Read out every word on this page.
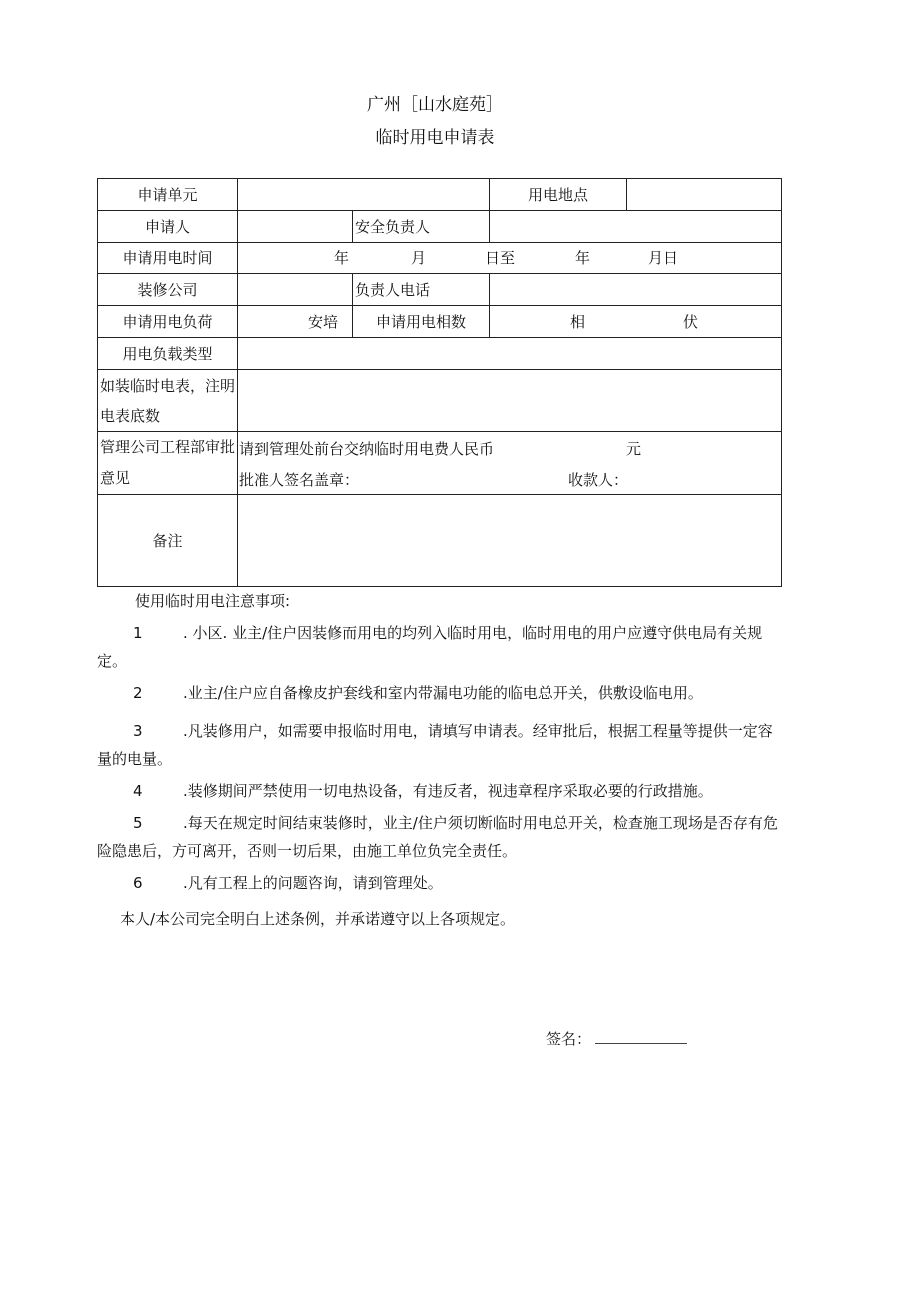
广州［山水庭苑］
临时用电申请表
申请单元			用电地点	
申请人		安全负责人		
申请用电时间	年 月 日至 年 月日			

装修公司		负责人电话		
申请用电负荷	安培	申请用电相数	相 伏	

用电负载类型				
如装临时电表，注明电表底数				
管理公司工程部审批意见	请到管理处前台交纳临时用电费人民币 元
批准人签名盖章： 收款人：			

备注				

使用临时用电注意事项:

1	. 小区. 业主/住户因装修而用电的均列入临时用电，临时用电的用户应遵守供电局有关规定。

2	.业主/住户应自备橡皮护套线和室内带漏电功能的临电总开关，供敷设临电用。

3	.凡装修用户，如需要申报临时用电，请填写申请表。经审批后，根据工程量等提供一定容量的电量。

4	.装修期间严禁使用一切电热设备，有违反者，视违章程序采取必要的行政措施。

5	.每天在规定时间结束装修时，业主/住户须切断临时用电总开关，检查施工现场是否存有危险隐患后，方可离开，否则一切后果，由施工单位负完全责任。

6	.凡有工程上的问题咨询，请到管理处。

本人/本公司完全明白上述条例，并承诺遵守以上各项规定。

签名：
